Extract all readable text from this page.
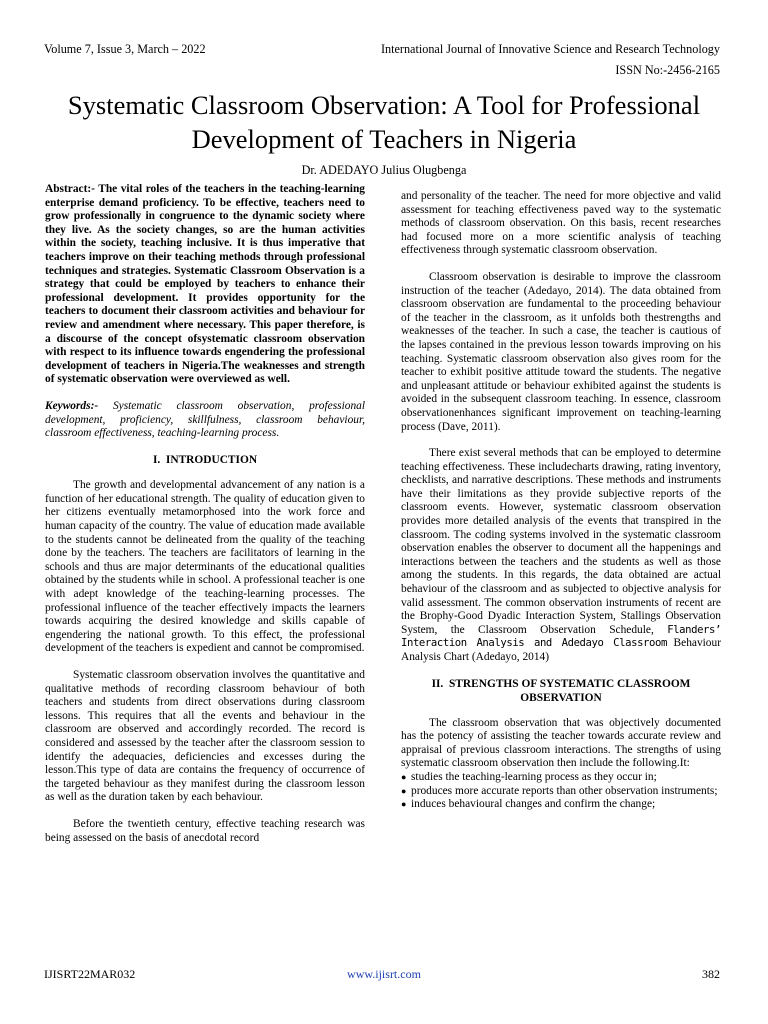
Volume 7, Issue 3, March – 2022	International Journal of Innovative Science and Research Technology
ISSN No:-2456-2165
Systematic Classroom Observation: A Tool for Professional Development of Teachers in Nigeria
Dr. ADEDAYO Julius Olugbenga

Abstract:- The vital roles of the teachers in the teaching-learning enterprise demand proficiency. To be effective, teachers need to grow professionally in congruence to the dynamic society where they live. As the society changes, so are the human activities within the society, teaching inclusive. It is thus imperative that teachers improve on their teaching methods through professional techniques and strategies. Systematic Classroom Observation is a strategy that could be employed by teachers to enhance their professional development. It provides opportunity for the teachers to document their classroom activities and behaviour for review and amendment where necessary. This paper therefore, is a discourse of the concept ofsystematic classroom observation with respect to its influence towards engendering the professional development of teachers in Nigeria.The weaknesses and strength of systematic observation were overviewed as well.

Keywords:- Systematic classroom observation, professional development, proficiency, skillfulness, classroom behaviour, classroom effectiveness, teaching-learning process.

I.  INTRODUCTION

The growth and developmental advancement of any nation is a function of her educational strength. The quality of education given to her citizens eventually metamorphosed into the work force and human capacity of the country. The value of education made available to the students cannot be delineated from the quality of the teaching done by the teachers. The teachers are facilitators of learning in the schools and thus are major determinants of the educational qualities obtained by the students while in school. A professional teacher is one with adept knowledge of the teaching-learning processes. The professional influence of the teacher effectively impacts the learners towards acquiring the desired knowledge and skills capable of engendering the national growth. To this effect, the professional development of the teachers is expedient and cannot be compromised.

Systematic classroom observation involves the quantitative and qualitative methods of recording classroom behaviour of both teachers and students from direct observations during classroom lessons. This requires that all the events and behaviour in the classroom are observed and accordingly recorded. The record is considered and assessed by the teacher after the classroom session to identify the adequacies, deficiencies and excesses during the lesson.This type of data are contains the frequency of occurrence of the targeted behaviour as they manifest during the classroom lesson as well as the duration taken by each behaviour.

Before the twentieth century, effective teaching research was being assessed on the basis of anecdotal record

and personality of the teacher. The need for more objective and valid assessment for teaching effectiveness paved way to the systematic methods of classroom observation. On this basis, recent researches had focused more on a more scientific analysis of teaching effectiveness through systematic classroom observation.

Classroom observation is desirable to improve the classroom instruction of the teacher (Adedayo, 2014). The data obtained from classroom observation are fundamental to the proceeding behaviour of the teacher in the classroom, as it unfolds both thestrengths and weaknesses of the teacher. In such a case, the teacher is cautious of the lapses contained in the previous lesson towards improving on his teaching. Systematic classroom observation also gives room for the teacher to exhibit positive attitude toward the students. The negative and unpleasant attitude or behaviour exhibited against the students is avoided in the subsequent classroom teaching. In essence, classroom observationenhances significant improvement on teaching-learning process (Dave, 2011).

There exist several methods that can be employed to determine teaching effectiveness. These includecharts drawing, rating inventory, checklists, and narrative descriptions. These methods and instruments have their limitations as they provide subjective reports of the classroom events. However, systematic classroom observation provides more detailed analysis of the events that transpired in the classroom. The coding systems involved in the systematic classroom observation enables the observer to document all the happenings and interactions between the teachers and the students as well as those among the students. In this regards, the data obtained are actual behaviour of the classroom and as subjected to objective analysis for valid assessment. The common observation instruments of recent are the Brophy-Good Dyadic Interaction System, Stallings Observation System, the Classroom Observation Schedule, Flanders’ Interaction Analysis and Adedayo Classroom Behaviour Analysis Chart (Adedayo, 2014)

II.  STRENGTHS OF SYSTEMATIC CLASSROOM
OBSERVATION

The classroom observation that was objectively documented has the potency of assisting the teacher towards accurate review and appraisal of previous classroom interactions. The strengths of using systematic classroom observation then include the following.It:

● studies the teaching-learning process as they occur in;
● produces more accurate reports than other observation instruments;
● induces behavioural changes and confirm the change;
IJISRT22MAR032	www.ijisrt.com	382
